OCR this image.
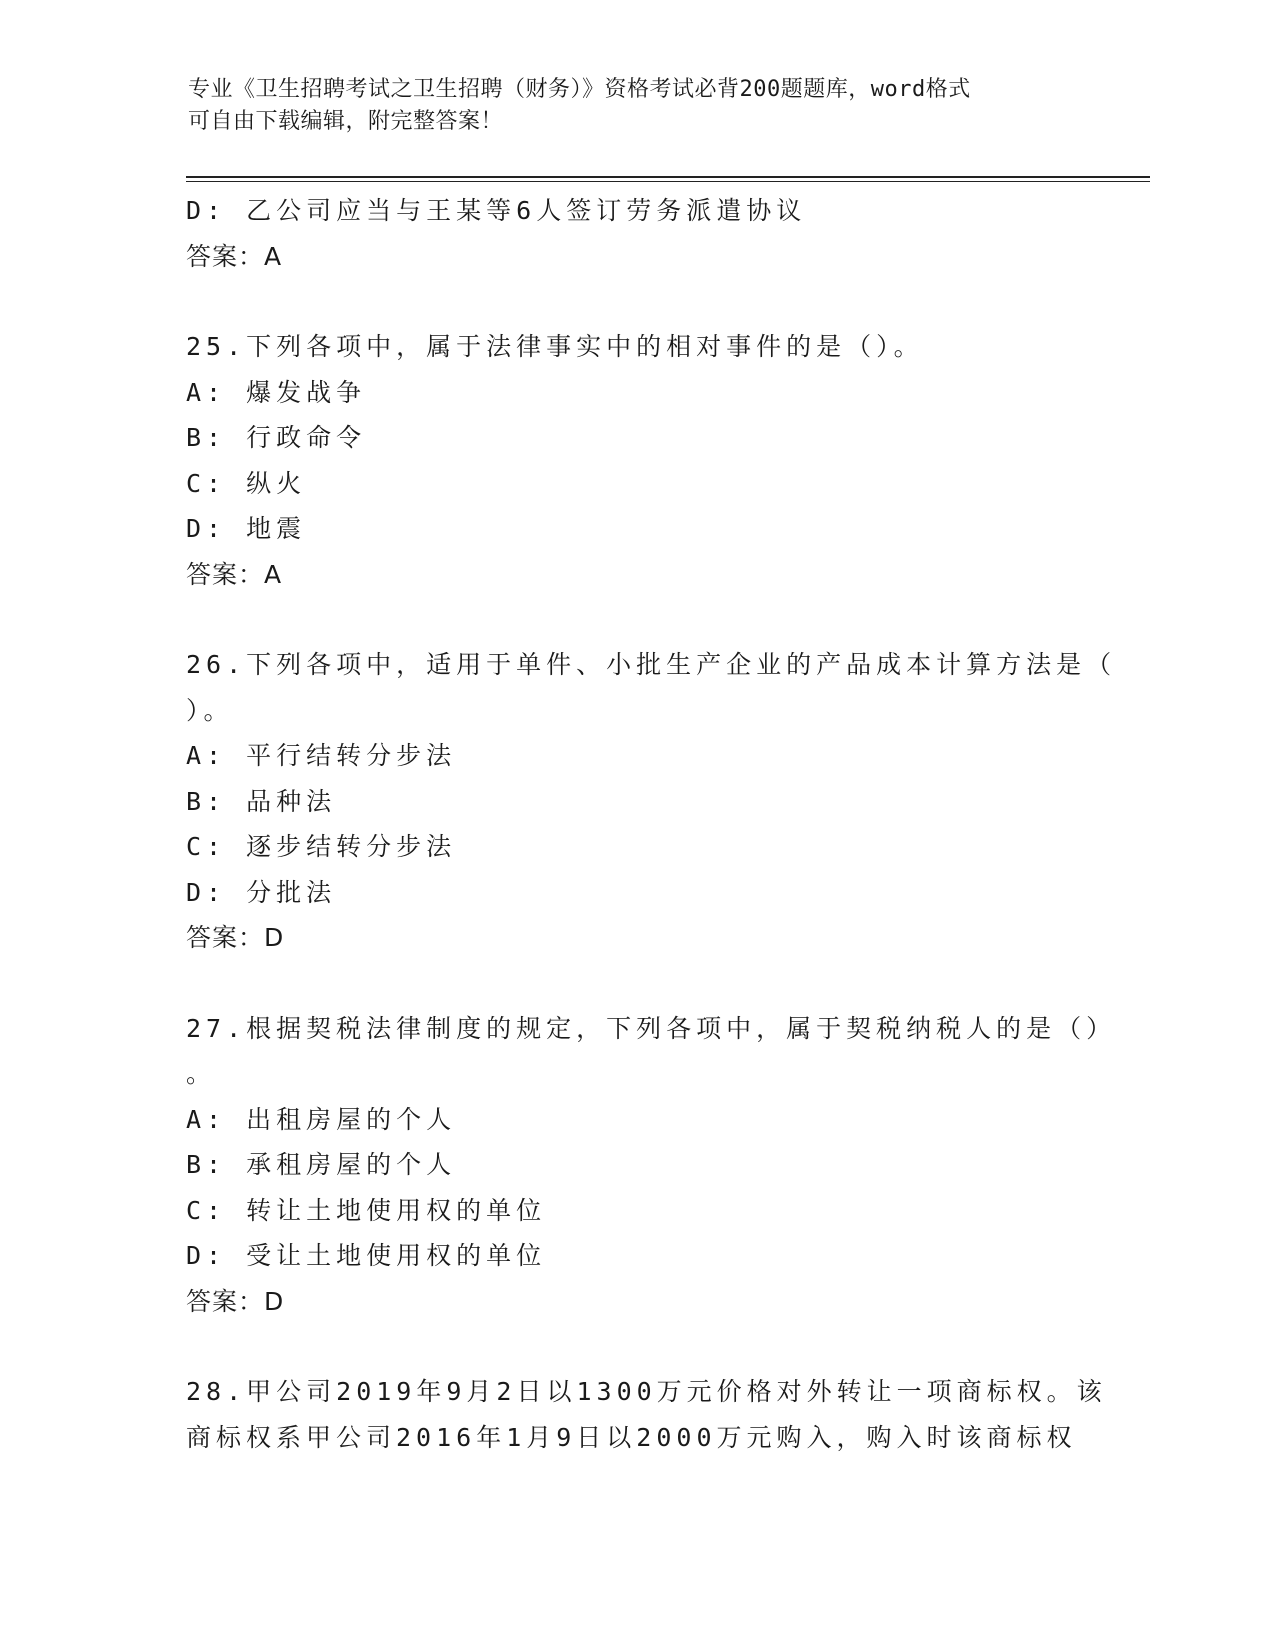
专业《卫生招聘考试之卫生招聘（财务）》资格考试必背200题题库，word格式
可自由下载编辑，附完整答案！
D: 乙公司应当与王某等6人签订劳务派遣协议
答案：A
25.下列各项中，属于法律事实中的相对事件的是（）。
A: 爆发战争
B: 行政命令
C: 纵火
D: 地震
答案：A
26.下列各项中，适用于单件、小批生产企业的产品成本计算方法是（
）。
A: 平行结转分步法
B: 品种法
C: 逐步结转分步法
D: 分批法
答案：D
27.根据契税法律制度的规定，下列各项中，属于契税纳税人的是（）
。
A: 出租房屋的个人
B: 承租房屋的个人
C: 转让土地使用权的单位
D: 受让土地使用权的单位
答案：D
28.甲公司2019年9月2日以1300万元价格对外转让一项商标权。该
商标权系甲公司2016年1月9日以2000万元购入，购入时该商标权
